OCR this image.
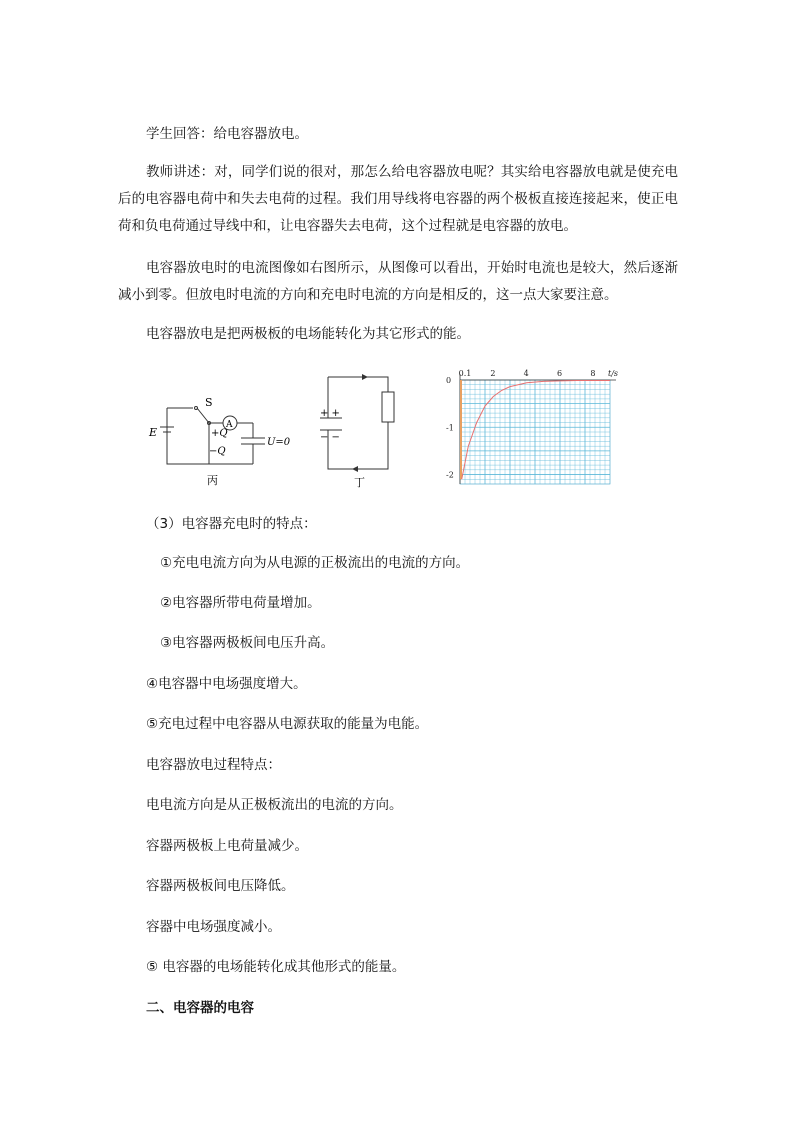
学生回答：给电容器放电。
教师讲述：对，同学们说的很对，那怎么给电容器放电呢？其实给电容器放电就是使充电后的电容器电荷中和失去电荷的过程。我们用导线将电容器的两个极板直接连接起来，使正电荷和负电荷通过导线中和，让电容器失去电荷，这个过程就是电容器的放电。
电容器放电时的电流图像如右图所示，从图像可以看出，开始时电流也是较大，然后逐渐减小到零。但放电时电流的方向和充电时电流的方向是相反的，这一点大家要注意。
电容器放电是把两极板的电场能转化为其它形式的能。
E
S
A
+Q
−Q
U=0
丙
+ +
− −
丁
0.1 2	4	6	8 t/s
0
-1
-2
（3）电容器充电时的特点：
①充电电流方向为从电源的正极流出的电流的方向。
②电容器所带电荷量增加。
③电容器两极板间电压升高。
④电容器中电场强度增大。
⑤充电过程中电容器从电源获取的能量为电能。
电容器放电过程特点：
电电流方向是从正极板流出的电流的方向。
容器两极板上电荷量减少。
容器两极板间电压降低。
容器中电场强度减小。
⑤ 电容器的电场能转化成其他形式的能量。
二、电容器的电容
